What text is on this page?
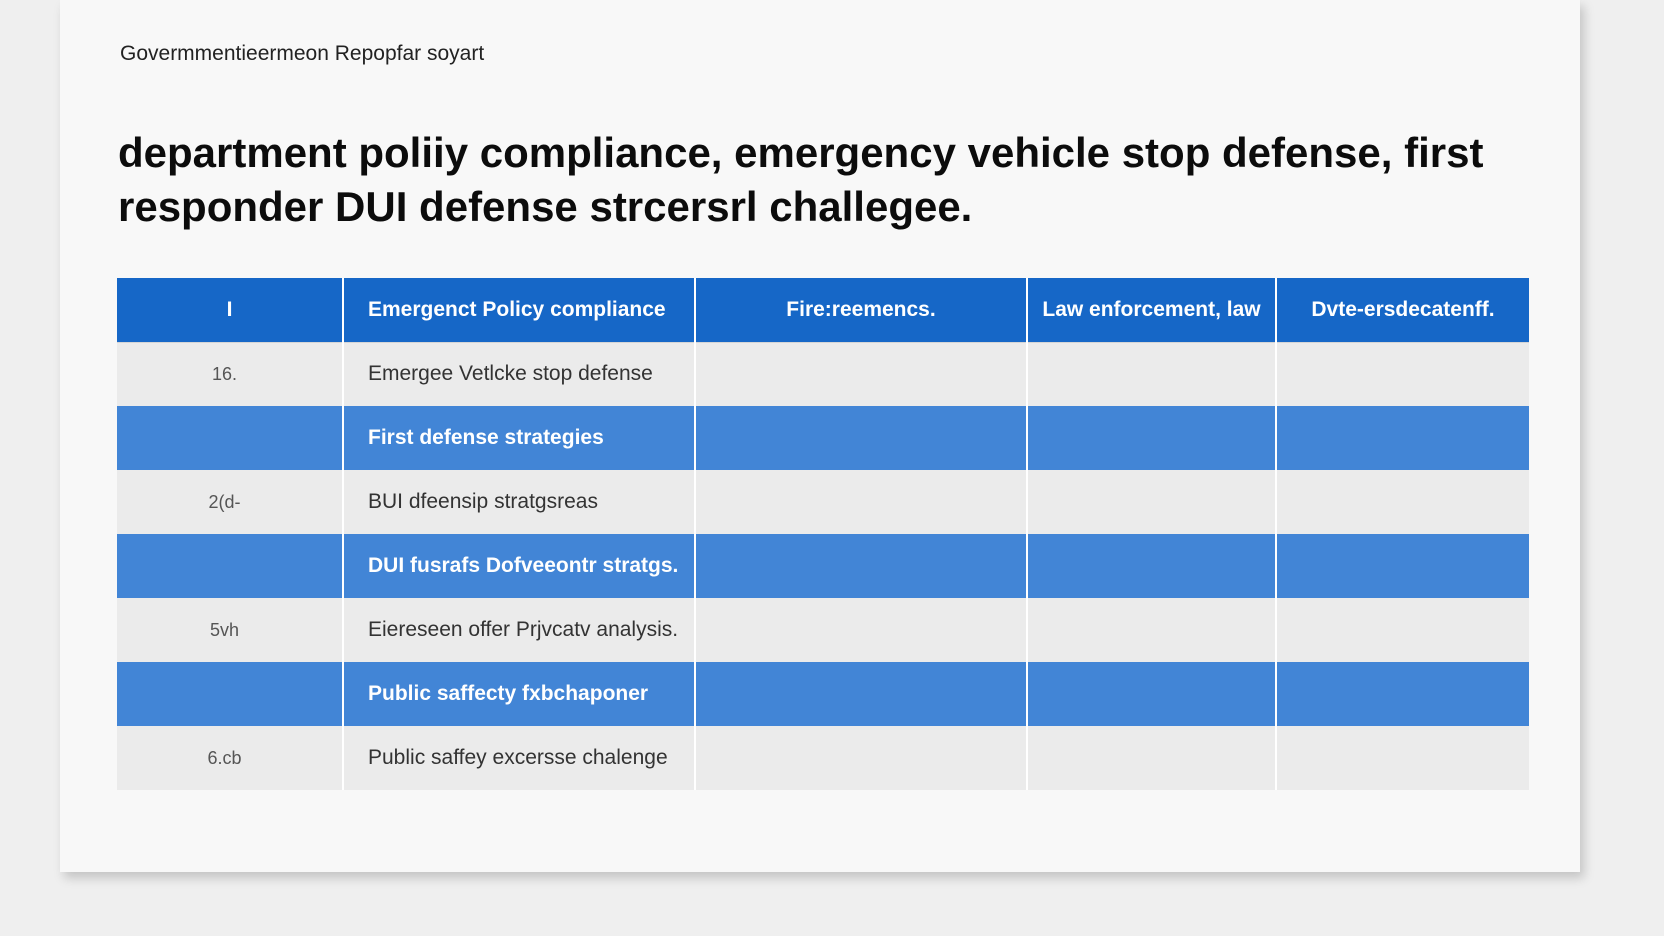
Govermmentieermeon Repopfar soyart
department poliiy compliance, emergency vehicle stop defense, first responder DUI defense strcersrl challegee.
I	Emergenct Policy compliance	Fire:reemencs.	Law enforcement, law	Dvte-ersdecatenff.
16.	Emergee Vetlcke stop defense			
	First defense strategies			
2(d-	BUI dfeensip stratgsreas			
	DUI fusrafs Dofveeontr stratgs.			
5vh	Eiereseen offer Prjvcatv analysis.			
	Public saffecty fxbchaponer			
6.cb	Public saffey excersse chalenge			
